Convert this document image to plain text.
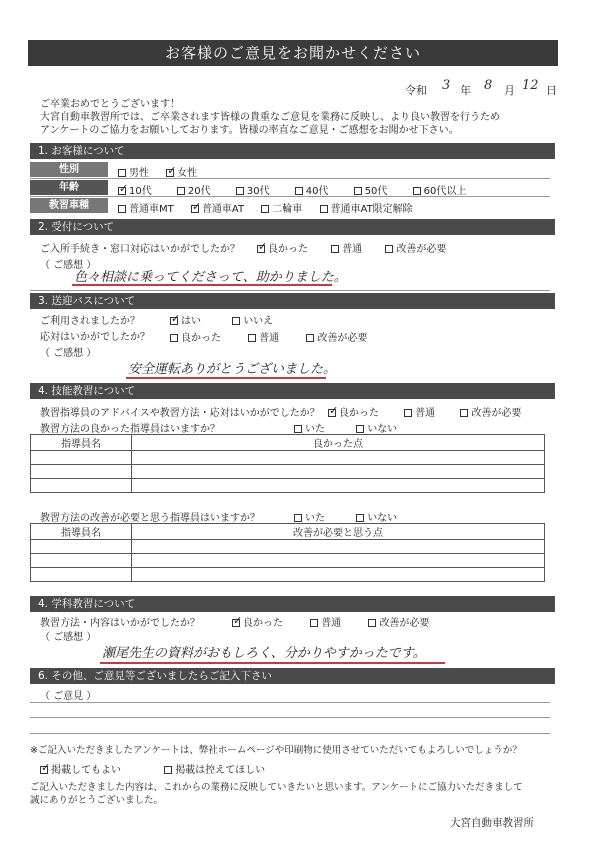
お客様のご意見をお聞かせください
令和 3 年 8 月 12 日
ご卒業おめでとうございます！
大宮自動車教習所では、ご卒業されます皆様の貴重なご意見を業務に反映し、より良い教習を行うため
アンケートのご協力をお願いしております。皆様の率直なご意見・ご感想をお聞かせ下さい。
1. お客様について
性別	男性 ✓	女性
年齢 ✓	10代	20代	30代	40代	50代	60代以上
教習車種	普通車MT ✓	普通車AT	二輪車	普通車AT限定解除
2. 受付について
ご入所手続き・窓口対応はいかがでしたか？ ✓	良かった	普通	改善が必要
（ ご感想 ）
色々相談に乗ってくださって、助かりました。
3. 送迎バスについて
ご利用されましたか？ ✓	はい	いいえ
応対はいかがでしたか？	良かった	普通	改善が必要
（ ご感想 ）
安全運転ありがとうございました。
4. 技能教習について
教習指導員のアドバイスや教習方法・応対はいかがでしたか？ ✓	良かった	普通	改善が必要
教習方法の良かった指導員はいますか？	いた	いない
指導員名	良かった点

教習方法の改善が必要と思う指導員はいますか？	いた	いない
指導員名	改善が必要と思う点

4. 学科教習について
教習方法・内容はいかがでしたか？ ✓	良かった	普通	改善が必要
（ ご感想 ）
瀬尾先生の資料がおもしろく、分かりやすかったです。
6. その他、ご意見等ございましたらご記入下さい
（ ご意見 ）
※ご記入いただきましたアンケートは、弊社ホームページや印刷物に使用させていただいてもよろしいでしょうか？
✓掲載してもよい	掲載は控えてほしい
ご記入いただきました内容は、これからの業務に反映していきたいと思います。アンケートにご協力いただきまして
誠にありがとうございました。
大宮自動車教習所
